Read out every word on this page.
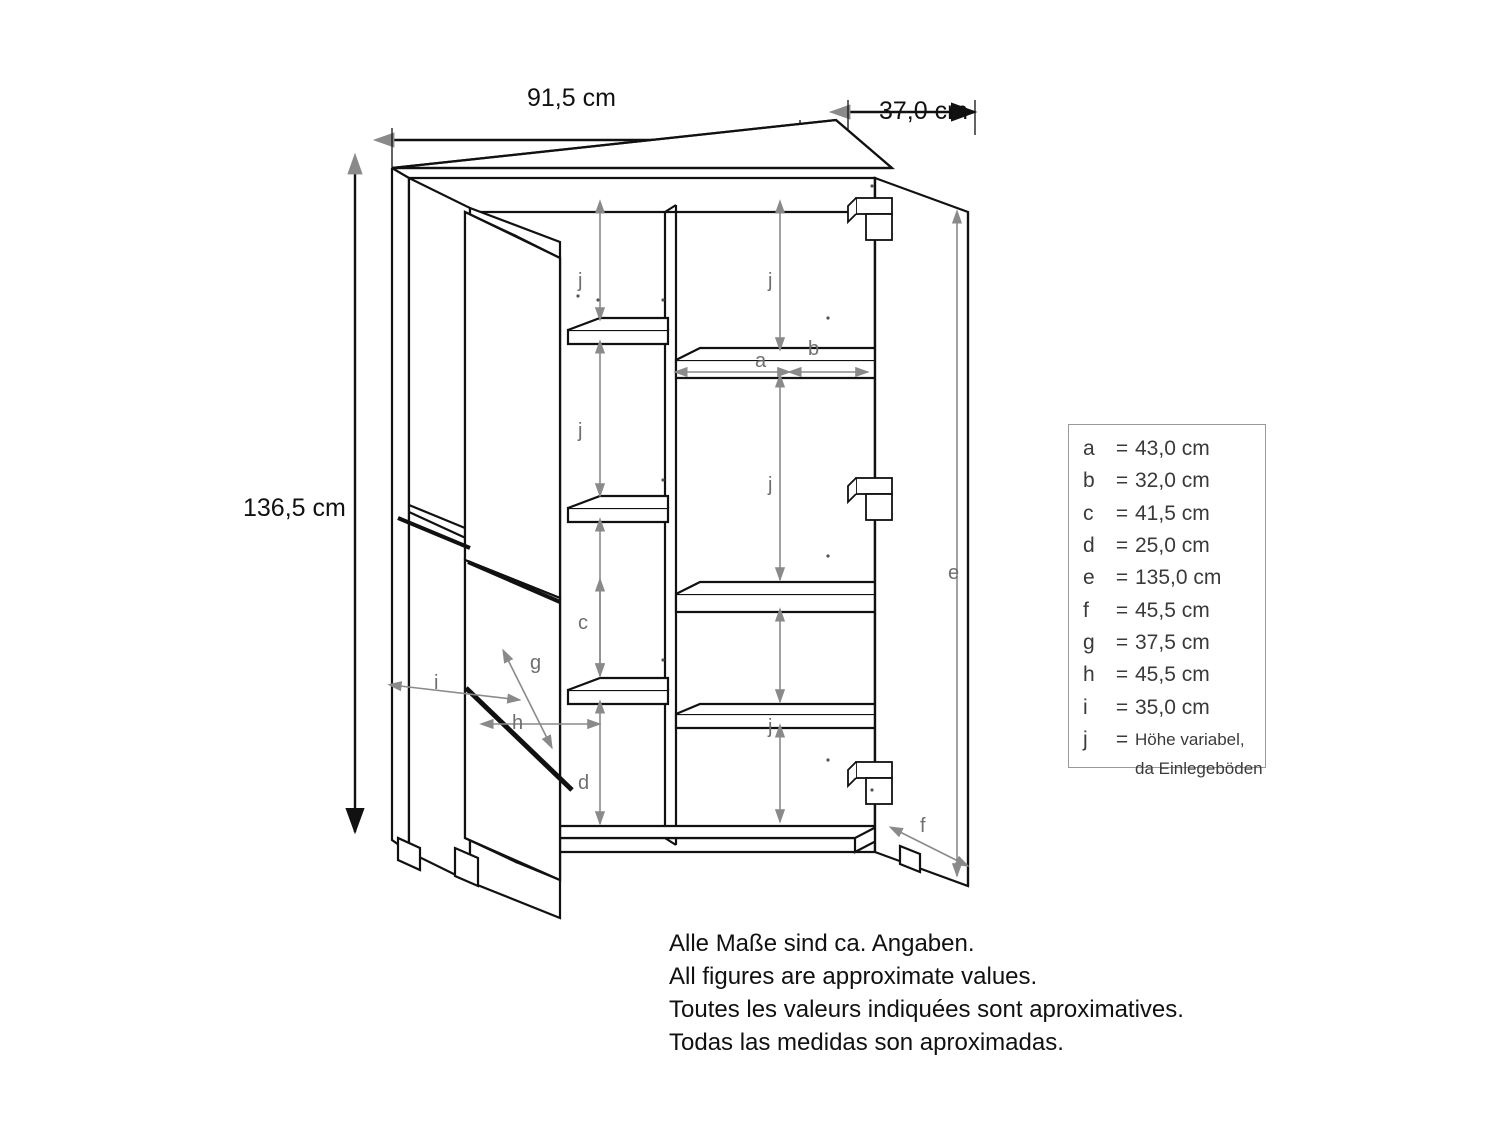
91,5 cm	37,0 cm
136,5 cm
j
j
c
d
j
j
j
a
b
e
f
g
h
i
a	=	43,0 cm
b	=	32,0 cm
c	=	41,5 cm
d	=	25,0 cm
e	=	135,0 cm
f	=	45,5 cm
g	=	37,5 cm
h	=	45,5 cm
i	=	35,0 cm
j	=	Höhe variabel,
		da Einlegeböden
Alle Maße sind ca. Angaben.
All figures are approximate values.
Toutes les valeurs indiquées sont aproximatives.
Todas las medidas son aproximadas.
